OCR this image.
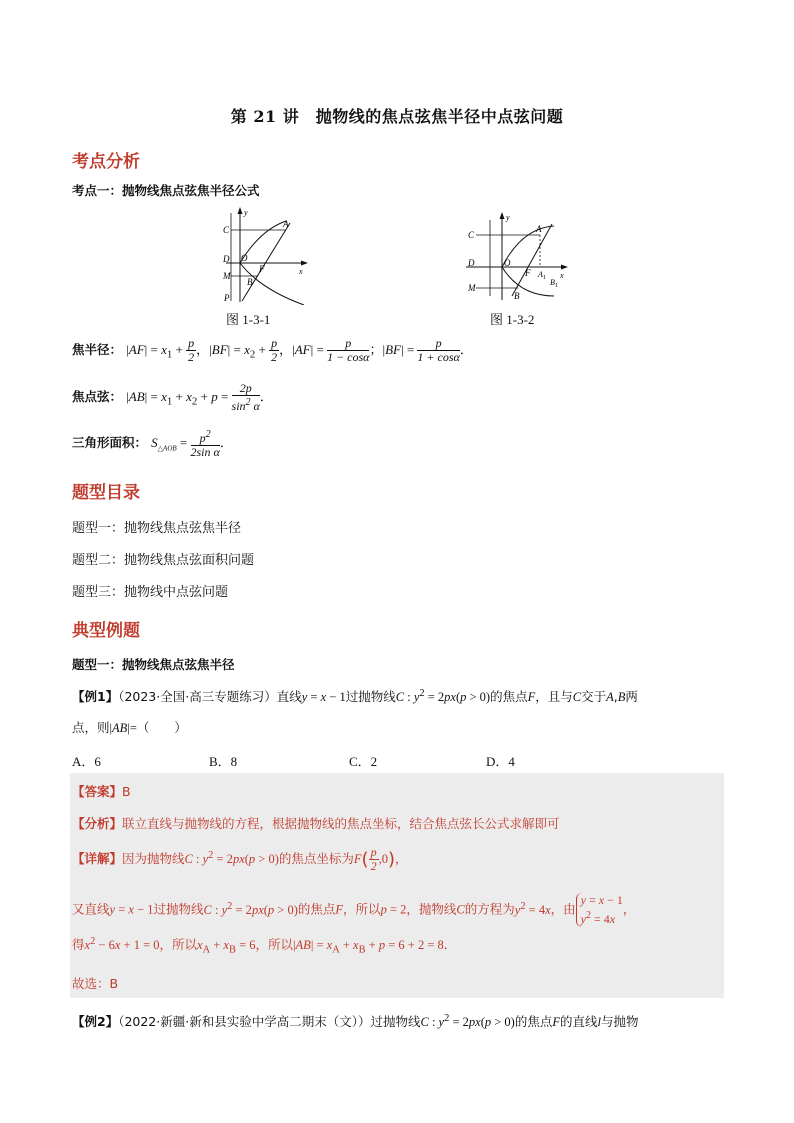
第 21 讲　抛物线的焦点弦焦半径中点弦问题
考点分析
考点一：抛物线焦点弦焦半径公式
A
B
C
D
M
P
O
F
y
x
图 1-3-1
A
B
C
D
M
O
F $A_1$ $B_1$
y
x
图 1-3-2
焦半径： $|AF| = x_1 + \frac{p}{2}$ ，$|BF| = x_2 + \frac{p}{2}$ ，$|AF| = \frac{p}{1 - \cos\alpha}$ ；$|BF| = \frac{p}{1 + \cos\alpha}$ ．
焦点弦： $|AB| = x_1 + x_2 + p = \frac{2p}{\sin^2 \alpha}$ ．
三角形面积： $S_{\triangle AOB} = \frac{p^2}{\text{2sin α}}$ ．
题型目录
题型一：抛物线焦点弦焦半径
题型二：抛物线焦点弦面积问题
题型三：抛物线中点弦问题
典型例题
题型一：抛物线焦点弦焦半径
【例1】（2023·全国·高三专题练习）直线y = x − 1过抛物线C : $y^2 = 2px(p > 0)$的焦点F，且与C交于A,B两
点，则|AB|=（　　）
A．6	B．8	C．2	D．4
【答案】B
【分析】联立直线与抛物线的方程，根据抛物线的焦点坐标，结合焦点弦长公式求解即可
【详解】因为抛物线C : $y^2 = 2px(p > 0)$的焦点坐标为$F( \frac{p}{2} ,0)$，
又直线y = x − 1过抛物线C : $y^2 = 2px(p > 0)$的焦点F，所以p = 2，抛物线C的方程为$y^2 = 4x$，由y = x − 1
$y^2 = 4x$，
得$x^2 - 6x + 1 = 0$，所以$x_A + x_B = 6$，所以$|AB| = x_A + x_B + p = 6 + 2 = 8$．
故选：B
【例2】（2022·新疆·新和县实验中学高二期末（文））过抛物线C : $y^2 = 2px(p > 0)$的焦点F的直线l与抛物
